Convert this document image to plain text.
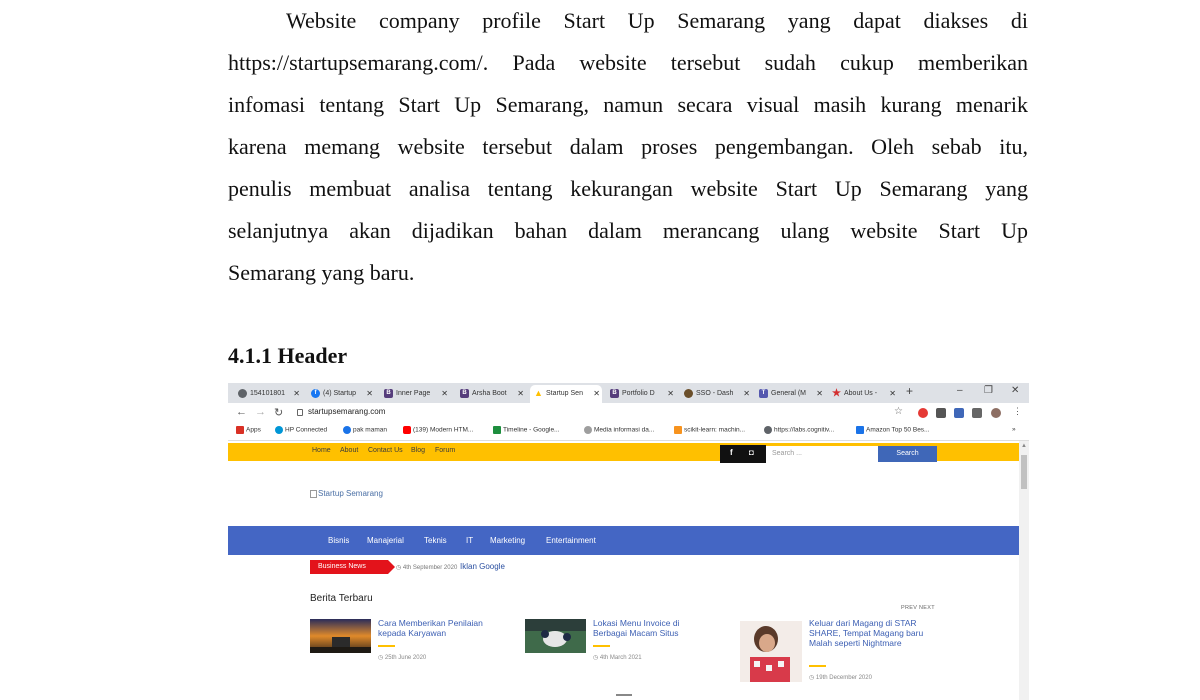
Website company profile Start Up Semarang yang dapat diakses di
https://startupsemarang.com/. Pada website tersebut sudah cukup memberikan
infomasi tentang Start Up Semarang, namun secara visual masih kurang menarik
karena memang website tersebut dalam proses pengembangan. Oleh sebab itu,
penulis membuat analisa tentang kekurangan website Start Up Semarang yang
selanjutnya akan dijadikan bahan dalam merancang ulang website Start Up
Semarang yang baru.
4.1.1 Header
154101801 ✕	f (4) Startup ✕	B Inner Page ✕	B Arsha Boot ✕	▲ Startup Sen ✕	B Portfolio D ✕	SSO - Dash ✕	T General (M ✕ ★ About Us - ✕ +	– ❐ ✕
← → ↻	startupsemarang.com	☆	⋮
Apps	HP Connected	pak maman	(139) Modern HTM...	Timeline - Google...	Media informasi da...	scikit-learn: machin...	https://labs.cognitiv...	Amazon Top 50 Bes...	»
Home About Contact Us Blog Forum	f ◘	Search ...	Search
Startup Semarang
Bisnis Manajerial	Teknis IT Marketing	Entertainment
Business News	◷ 4th September 2020 Iklan Google
Berita Terbaru
PREV NEXT
Cara Memberikan Penilaian kepada Karyawan
◷ 25th June 2020
Lokasi Menu Invoice di Berbagai Macam Situs
◷ 4th March 2021
Keluar dari Magang di STAR SHARE, Tempat Magang baru Malah seperti Nightmare
◷ 19th December 2020
▲
